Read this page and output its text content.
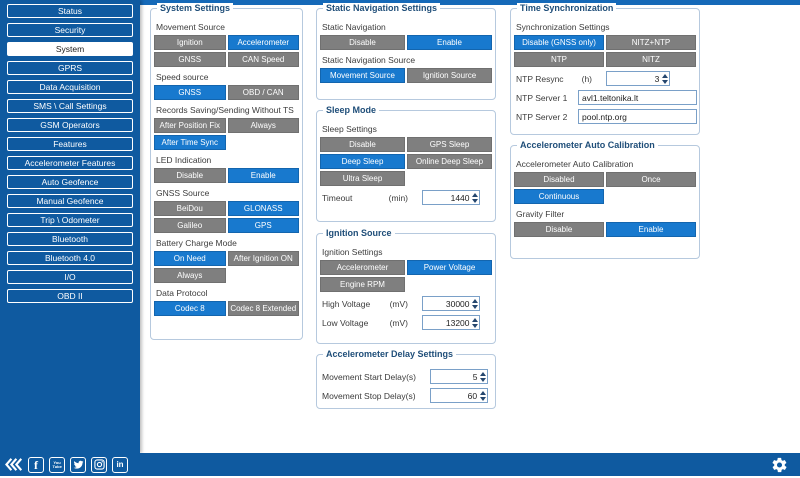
Status
Security
System
GPRS
Data Acquisition
SMS \ Call Settings
GSM Operators
Features
Accelerometer Features
Auto Geofence
Manual Geofence
Trip \ Odometer
Bluetooth
Bluetooth 4.0
I/O
OBD II
System Settings
Movement Source
Ignition	Accelerometer
GNSS	CAN Speed
Speed source
GNSS	OBD / CAN
Records Saving/Sending Without TS
After Position Fix	Always
After Time Sync
LED Indication
Disable	Enable
GNSS Source
BeiDou	GLONASS
Galileo	GPS
Battery Charge Mode
On Need	After Ignition ON
Always
Data Protocol
Codec 8	Codec 8 Extended
Static Navigation Settings
Static Navigation
Disable	Enable
Static Navigation Source
Movement Source	Ignition Source
Sleep Mode
Sleep Settings
Disable	GPS Sleep
Deep Sleep	Online Deep Sleep
Ultra Sleep
Timeout	(min)
1440
Ignition Source
Ignition Settings
Accelerometer	Power Voltage
Engine RPM
High Voltage	(mV)
30000
Low Voltage	(mV)
13200
Accelerometer Delay Settings
Movement Start Delay (s)
5
Movement Stop Delay (s)
60
Time Synchronization
Synchronization Settings
Disable (GNSS only)	NITZ+NTP
NTP	NITZ
NTP Resync	(h)
3
NTP Server 1
avl1.teltonika.lt
NTP Server 2
pool.ntp.org
Accelerometer Auto Calibration
Accelerometer Auto Calibration
Disabled	Once
Continuous
Gravity Filter
Disable	Enable
f	You
Tube	in
